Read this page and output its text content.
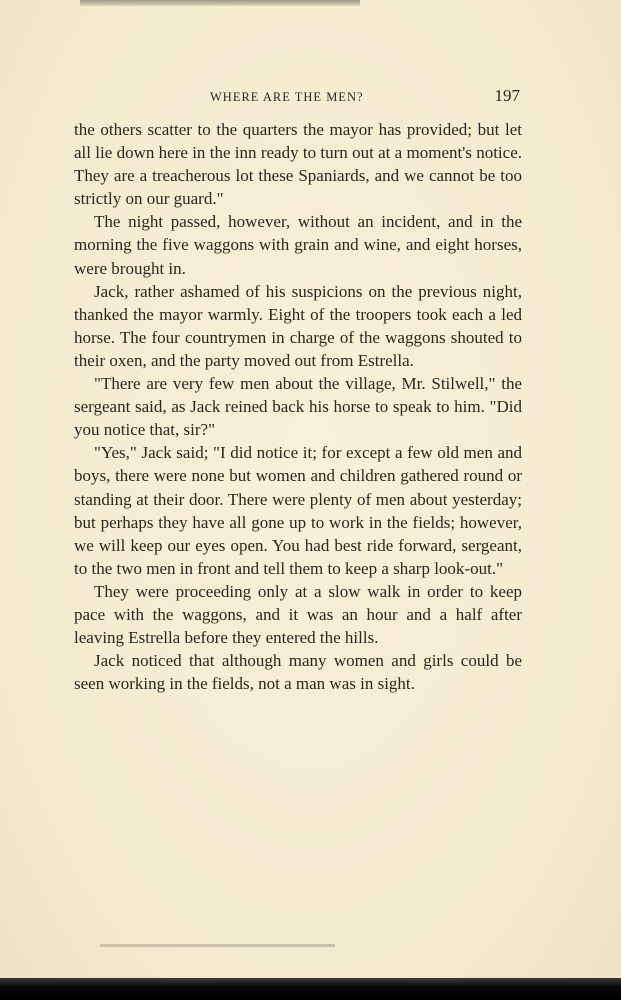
WHERE ARE THE MEN?	197

the others scatter to the quarters the mayor has provided; but let all lie down here in the inn ready to turn out at a moment's notice. They are a treacherous lot these Spaniards, and we cannot be too strictly on our guard."

The night passed, however, without an incident, and in the morning the five waggons with grain and wine, and eight horses, were brought in.

Jack, rather ashamed of his suspicions on the previous night, thanked the mayor warmly. Eight of the troopers took each a led horse. The four countrymen in charge of the waggons shouted to their oxen, and the party moved out from Estrella.

"There are very few men about the village, Mr. Stilwell," the sergeant said, as Jack reined back his horse to speak to him. "Did you notice that, sir?"

"Yes," Jack said; "I did notice it; for except a few old men and boys, there were none but women and children gathered round or standing at their door. There were plenty of men about yesterday; but perhaps they have all gone up to work in the fields; however, we will keep our eyes open. You had best ride forward, sergeant, to the two men in front and tell them to keep a sharp look-out."

They were proceeding only at a slow walk in order to keep pace with the waggons, and it was an hour and a half after leaving Estrella before they entered the hills.

Jack noticed that although many women and girls could be seen working in the fields, not a man was in sight.
